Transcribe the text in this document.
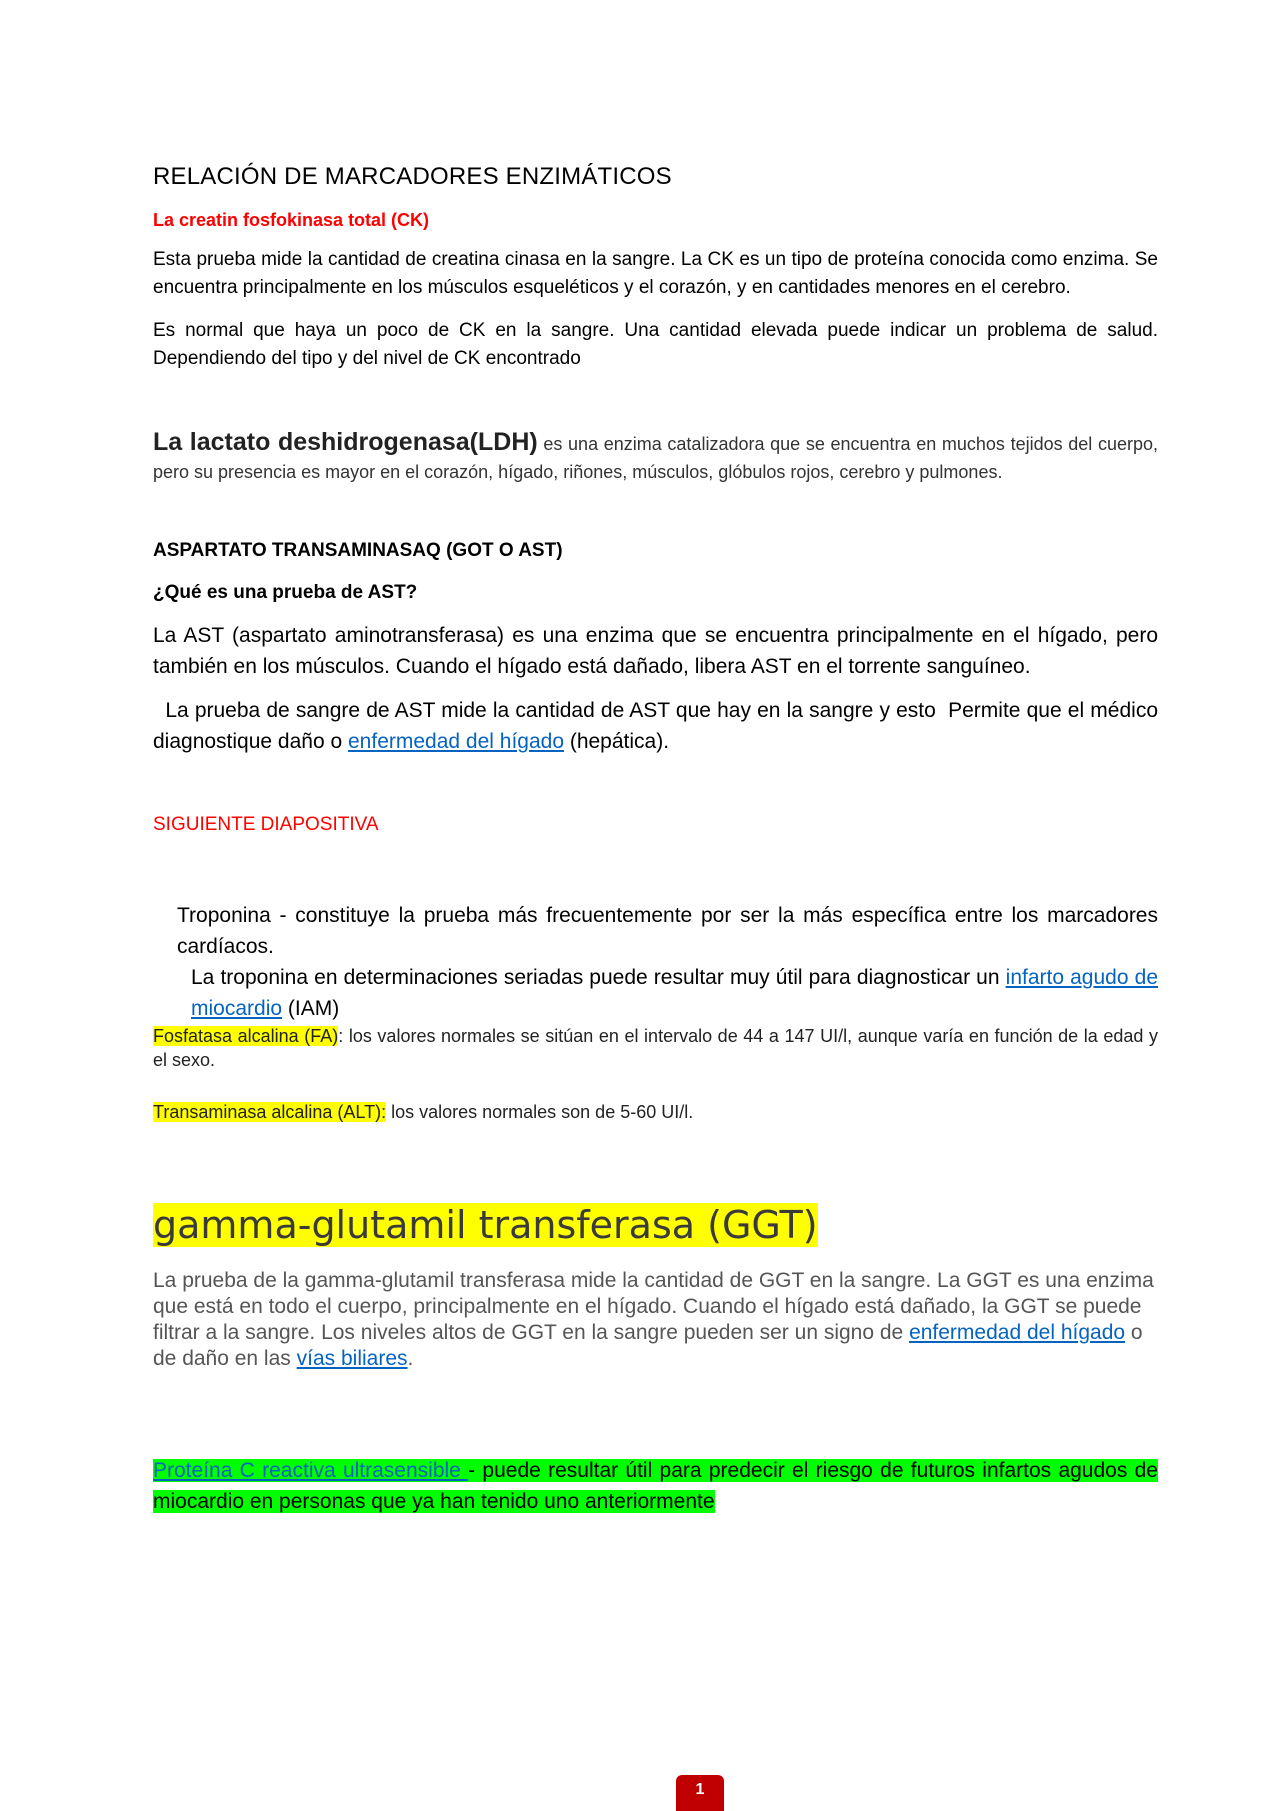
RELACIÓN DE MARCADORES ENZIMÁTICOS

La creatin fosfokinasa total (CK)

Esta prueba mide la cantidad de creatina cinasa en la sangre. La CK es un tipo de proteína conocida como enzima. Se encuentra principalmente en los músculos esqueléticos y el corazón, y en cantidades menores en el cerebro.

Es normal que haya un poco de CK en la sangre. Una cantidad elevada puede indicar un problema de salud. Dependiendo del tipo y del nivel de CK encontrado

La lactato deshidrogenasa(LDH) es una enzima catalizadora que se encuentra en muchos tejidos del cuerpo, pero su presencia es mayor en el corazón, hígado, riñones, músculos, glóbulos rojos, cerebro y pulmones.

ASPARTATO TRANSAMINASAQ (GOT O AST)

¿Qué es una prueba de AST?

La AST (aspartato aminotransferasa) es una enzima que se encuentra principalmente en el hígado, pero también en los músculos. Cuando el hígado está dañado, libera AST en el torrente sanguíneo.

La prueba de sangre de AST mide la cantidad de AST que hay en la sangre y esto  Permite que el médico diagnostique daño o enfermedad del hígado (hepática).

SIGUIENTE DIAPOSITIVA

Troponina - constituye la prueba más frecuentemente por ser la más específica entre los marcadores cardíacos.
La troponina en determinaciones seriadas puede resultar muy útil para diagnosticar un infarto agudo de miocardio (IAM)

Fosfatasa alcalina (FA): los valores normales se sitúan en el intervalo de 44 a 147 UI/l, aunque varía en función de la edad y el sexo.

Transaminasa alcalina (ALT): los valores normales son de 5-60 UI/l.

gamma-glutamil transferasa (GGT)

La prueba de la gamma-glutamil transferasa mide la cantidad de GGT en la sangre. La GGT es una enzima que está en todo el cuerpo, principalmente en el hígado. Cuando el hígado está dañado, la GGT se puede filtrar a la sangre. Los niveles altos de GGT en la sangre pueden ser un signo de enfermedad del hígado o de daño en las vías biliares.

Proteína C reactiva ultrasensible - puede resultar útil para predecir el riesgo de futuros infartos agudos de miocardio en personas que ya han tenido uno anteriormente

1
